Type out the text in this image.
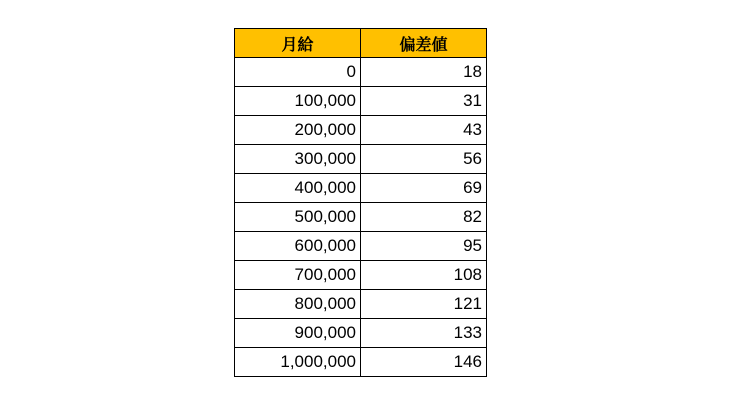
月給	偏差値
0	18
100,000	31
200,000	43
300,000	56
400,000	69
500,000	82
600,000	95
700,000	108
800,000	121
900,000	133
1,000,000	146
